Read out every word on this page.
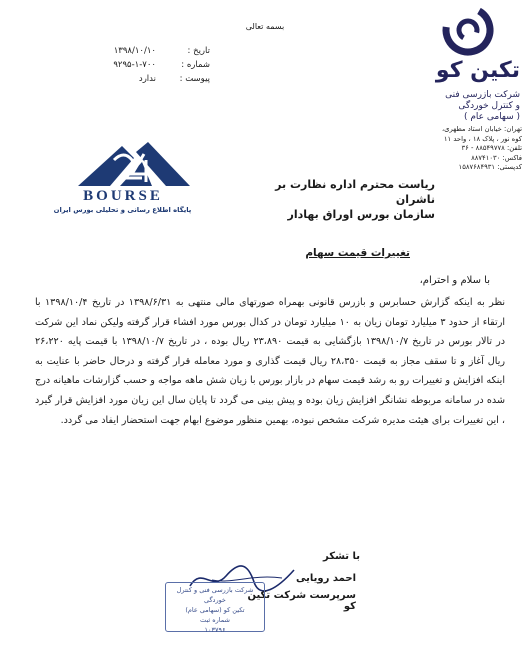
بسمه تعالی
تاریخ :
۱۳۹۸/۱۰/۱۰
شماره :
۹۲۹۵-۱-۷۰۰
پیوست :
ندارد	تکین کو
شرکت بازرسی فنی
و کنترل خوردگی
( سهامی عام )
تهران: خیابان استاد مطهری،
کوه نور ، پلاک ۱۸ ، واحد ۱۱
تلفن: ۸۸۵۴۹۷۷۸ - ۳۶
فاکس: ۸۸۷۴۱۰۳۰
کدپستی: ۱۵۸۷۶۸۴۹۳۱
BOURSE
پایگاه اطلاع رسانی و تحلیلی بورس ایران
ریاست محترم اداره نظارت بر ناشران
سازمان بورس اوراق بهادار
تغییرات قیمت سهام
با سلام و احترام،

نظر به اینکه گزارش حسابرس و بازرس قانونی بهمراه صورتهای مالی منتهی به ۱۳۹۸/۶/۳۱ در تاریخ ۱۳۹۸/۱۰/۴ با ارتقاء از حدود ۳ میلیارد تومان زیان به ۱۰ میلیارد تومان در کدال بورس مورد افشاء قرار گرفته ولیکن نماد این شرکت در تالار بورس در تاریخ ۱۳۹۸/۱۰/۷ بازگشایی به قیمت ۲۳،۸۹۰ ریال بوده ، در تاریخ ۱۳۹۸/۱۰/۷ با قیمت پایه ۲۶،۲۲۰ ریال آغاز و تا سقف مجاز به قیمت ۲۸،۳۵۰ ریال قیمت گذاری و مورد معامله قرار گرفته و درحال حاضر با عنایت به اینکه افزایش و تغییرات رو به رشد قیمت سهام در بازار بورس با زیان شش ماهه مواجه و حسب گزارشات ماهیانه درج شده در سامانه مربوطه نشانگر افزایش زیان بوده و پیش بینی می گردد تا پایان سال این زیان مورد افزایش قرار گیرد ، این تغییرات برای هیئت مدیره شرکت مشخص نبوده، بهمین منظور موضوع ابهام جهت استحضار ایفاد می گردد.

با تشکر
احمد رویایی
سرپرست شرکت تکین کو
شرکت بازرسی فنی و کنترل خوردگی
تکین کو (سهامی عام)
شماره ثبت
۱۰۳۷۹۶
